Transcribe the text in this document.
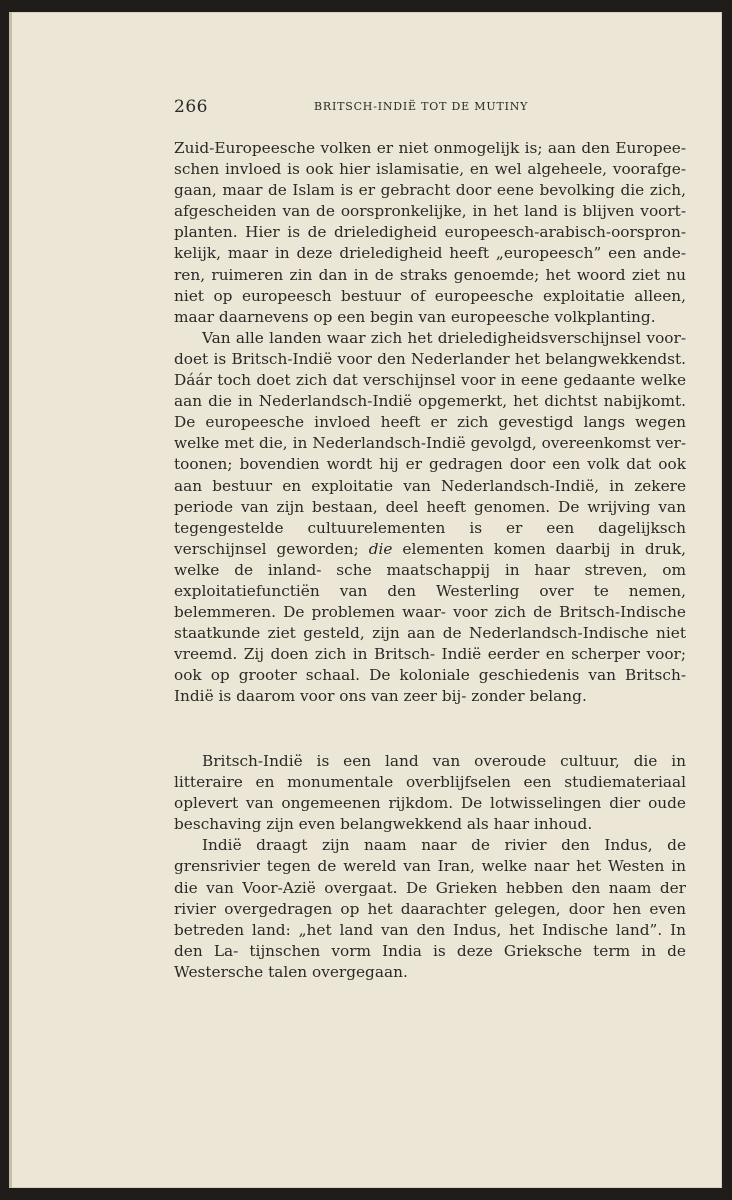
266	BRITSCH-INDIË TOT DE MUTINY

Zuid-Europeesche volken er niet onmogelijk is; aan den Europee- schen invloed is ook hier islamisatie, en wel algeheele, voorafge- gaan, maar de Islam is er gebracht door eene bevolking die zich, afgescheiden van de oorspronkelijke, in het land is blijven voort- planten. Hier is de drieledigheid europeesch-arabisch-oorspron- kelijk, maar in deze drieledigheid heeft „europeesch” een ande- ren, ruimeren zin dan in de straks genoemde; het woord ziet nu niet op europeesch bestuur of europeesche exploitatie alleen, maar daarnevens op een begin van europeesche volkplanting.

Van alle landen waar zich het drieledigheidsverschijnsel voor- doet is Britsch-Indië voor den Nederlander het belangwekkendst. Dáár toch doet zich dat verschijnsel voor in eene gedaante welke aan die in Nederlandsch-Indië opgemerkt, het dichtst nabijkomt. De europeesche invloed heeft er zich gevestigd langs wegen welke met die, in Nederlandsch-Indië gevolgd, overeenkomst ver- toonen; bovendien wordt hij er gedragen door een volk dat ook aan bestuur en exploitatie van Nederlandsch-Indië, in zekere periode van zijn bestaan, deel heeft genomen. De wrijving van tegengestelde cultuurelementen is er een dagelijksch verschijnsel geworden; die elementen komen daarbij in druk, welke de inland- sche maatschappij in haar streven, om exploitatiefunctiën van den Westerling over te nemen, belemmeren. De problemen waar- voor zich de Britsch-Indische staatkunde ziet gesteld, zijn aan de Nederlandsch-Indische niet vreemd. Zij doen zich in Britsch- Indië eerder en scherper voor; ook op grooter schaal. De koloniale geschiedenis van Britsch-Indië is daarom voor ons van zeer bij- zonder belang.

Britsch-Indië is een land van overoude cultuur, die in litteraire en monumentale overblijfselen een studiemateriaal oplevert van ongemeenen rijkdom. De lotwisselingen dier oude beschaving zijn even belangwekkend als haar inhoud.

Indië draagt zijn naam naar de rivier den Indus, de grensrivier tegen de wereld van Iran, welke naar het Westen in die van Voor-Azië overgaat. De Grieken hebben den naam der rivier overgedragen op het daarachter gelegen, door hen even betreden land: „het land van den Indus, het Indische land”. In den La- tijnschen vorm India is deze Grieksche term in de Westersche talen overgegaan.
